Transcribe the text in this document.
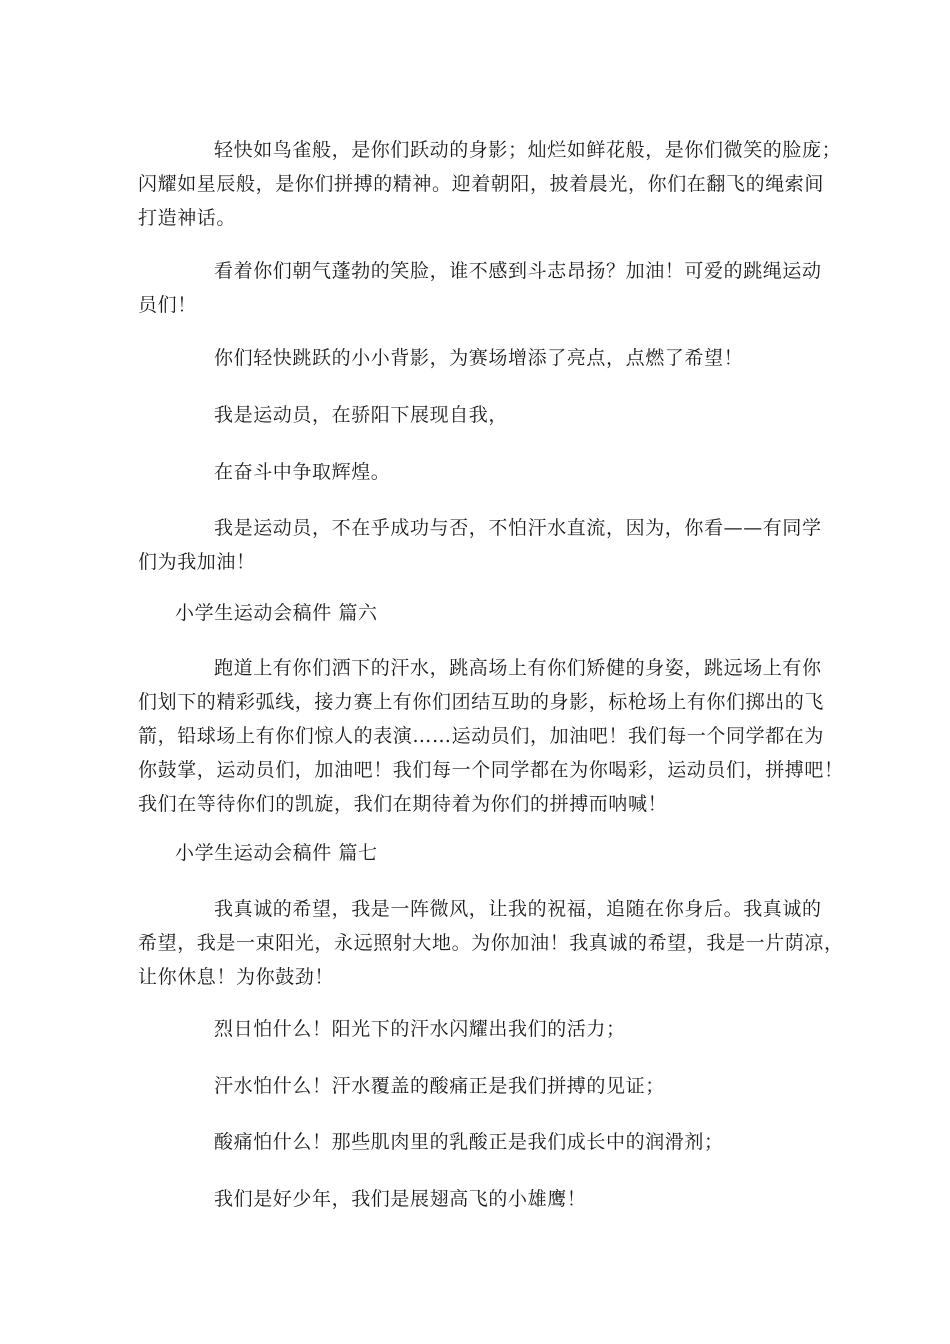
轻快如鸟雀般，是你们跃动的身影；灿烂如鲜花般，是你们微笑的脸庞；
闪耀如星辰般，是你们拼搏的精神。迎着朝阳，披着晨光，你们在翻飞的绳索间
打造神话。
看着你们朝气蓬勃的笑脸，谁不感到斗志昂扬？加油！可爱的跳绳运动
员们！
你们轻快跳跃的小小背影，为赛场增添了亮点，点燃了希望！
我是运动员，在骄阳下展现自我，
在奋斗中争取辉煌。
我是运动员，不在乎成功与否，不怕汗水直流，因为，你看——有同学
们为我加油！
小学生运动会稿件 篇六
跑道上有你们洒下的汗水，跳高场上有你们矫健的身姿，跳远场上有你
们划下的精彩弧线，接力赛上有你们团结互助的身影，标枪场上有你们掷出的飞
箭，铅球场上有你们惊人的表演……运动员们，加油吧！我们每一个同学都在为
你鼓掌，运动员们，加油吧！我们每一个同学都在为你喝彩，运动员们，拼搏吧！
我们在等待你们的凯旋，我们在期待着为你们的拼搏而呐喊！
小学生运动会稿件 篇七
我真诚的希望，我是一阵微风，让我的祝福，追随在你身后。我真诚的
希望，我是一束阳光，永远照射大地。为你加油！我真诚的希望，我是一片荫凉，
让你休息！为你鼓劲！
烈日怕什么！阳光下的汗水闪耀出我们的活力；
汗水怕什么！汗水覆盖的酸痛正是我们拼搏的见证；
酸痛怕什么！那些肌肉里的乳酸正是我们成长中的润滑剂；
我们是好少年，我们是展翅高飞的小雄鹰！
